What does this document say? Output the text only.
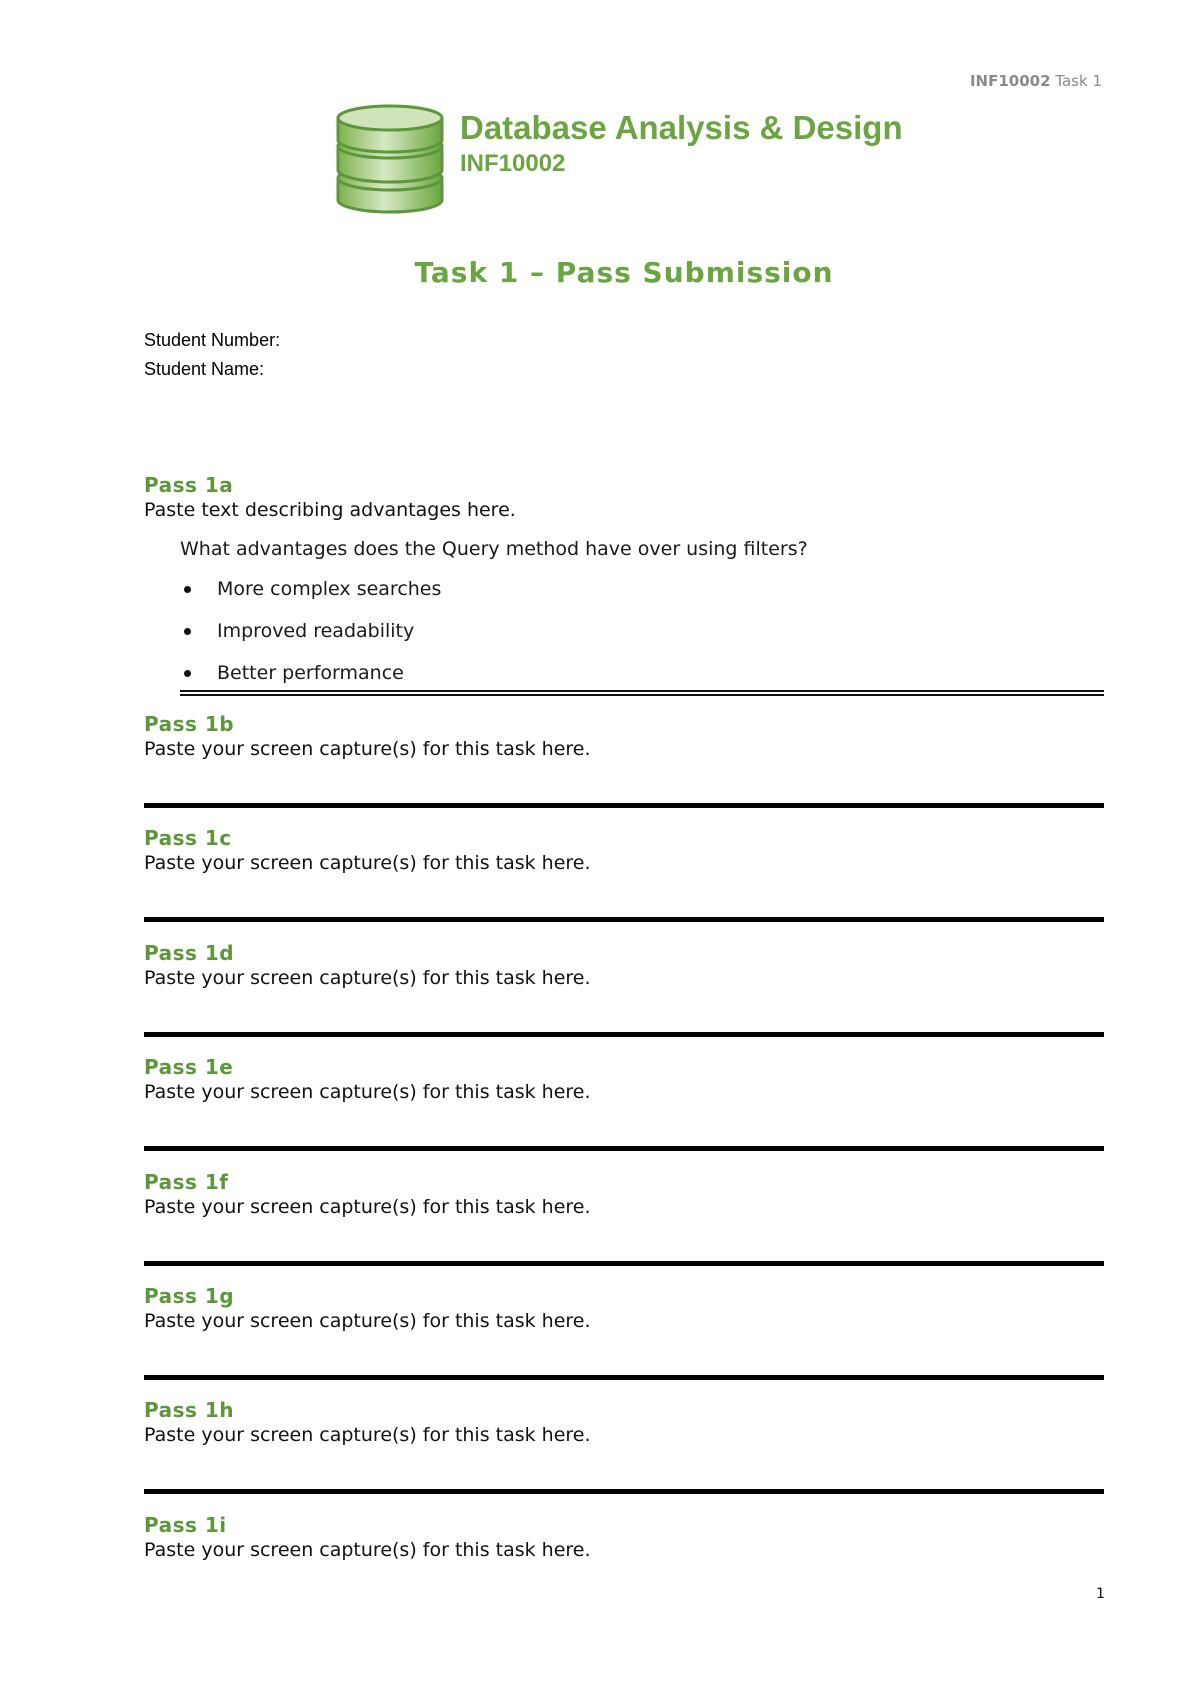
INF10002 Task 1
Database Analysis & Design
INF10002
Task 1 – Pass Submission
Student Number:
Student Name:
Pass 1a
Paste text describing advantages here.
What advantages does the Query method have over using filters?
More complex searches
Improved readability
Better performance
Pass 1b
Paste your screen capture(s) for this task here.
Pass 1c
Paste your screen capture(s) for this task here.
Pass 1d
Paste your screen capture(s) for this task here.
Pass 1e
Paste your screen capture(s) for this task here.
Pass 1f
Paste your screen capture(s) for this task here.
Pass 1g
Paste your screen capture(s) for this task here.
Pass 1h
Paste your screen capture(s) for this task here.
Pass 1i
Paste your screen capture(s) for this task here.
1
